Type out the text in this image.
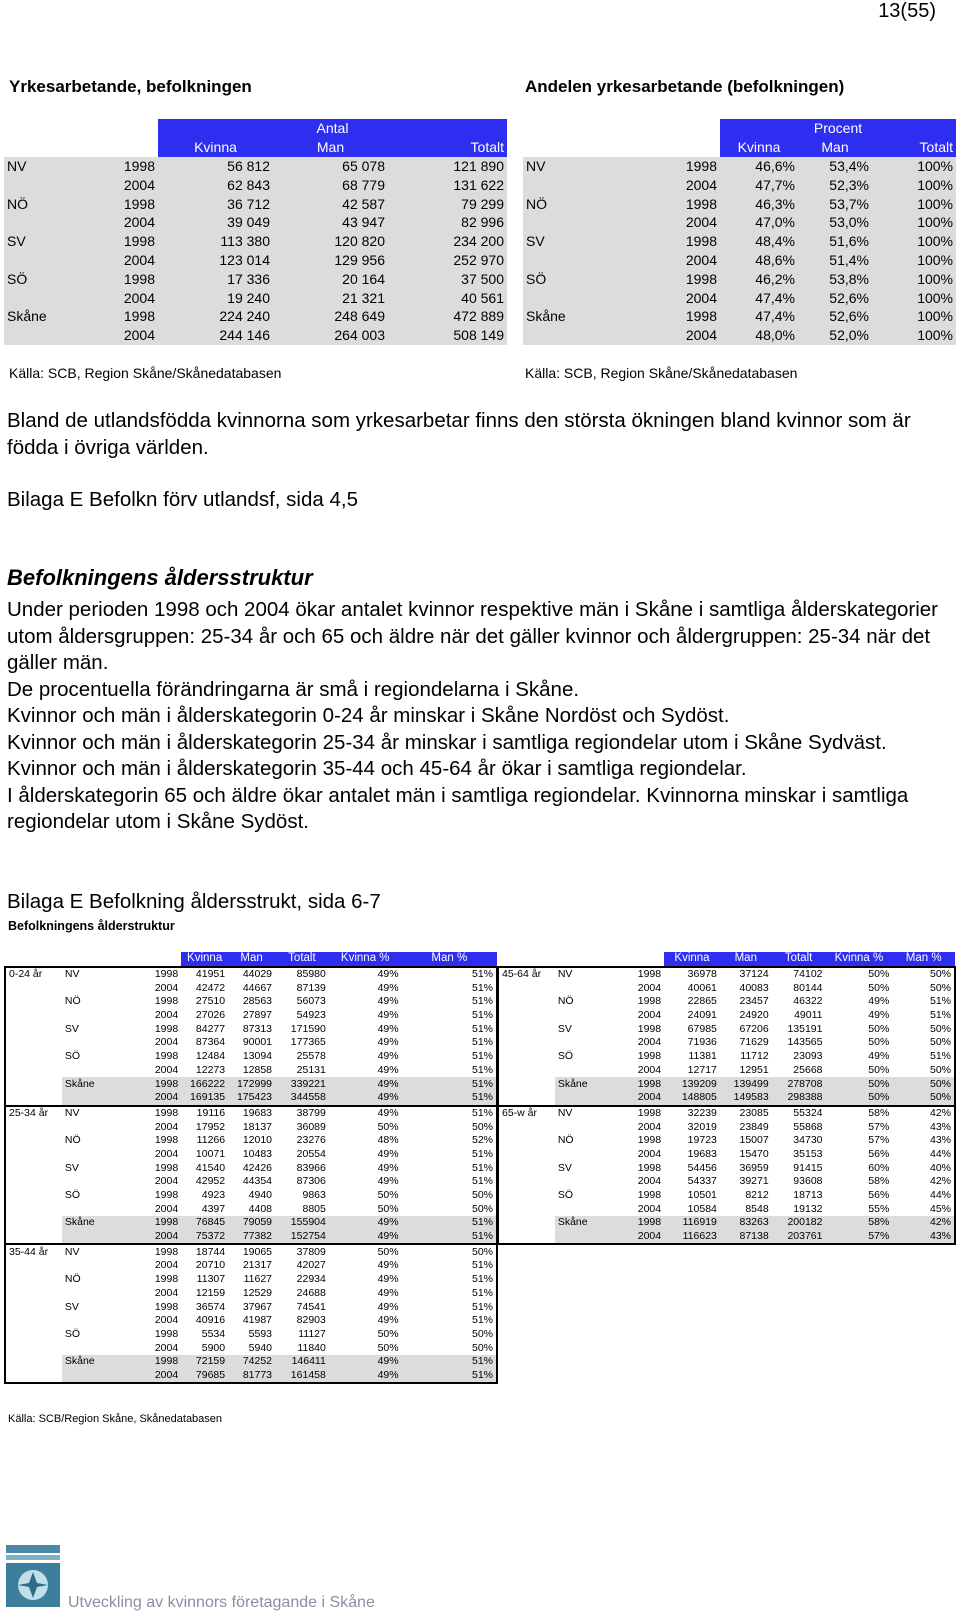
13(55)
Yrkesarbetande, befolkningen	Andelen yrkesarbetande (befolkningen)
		Antal		
		Kvinna	Man	Totalt
NV	1998	56 812	65 078	121 890
	2004	62 843	68 779	131 622
NÖ	1998	36 712	42 587	79 299
	2004	39 049	43 947	82 996
SV	1998	113 380	120 820	234 200
	2004	123 014	129 956	252 970
SÖ	1998	17 336	20 164	37 500
	2004	19 240	21 321	40 561
Skåne	1998	224 240	248 649	472 889
	2004	244 146	264 003	508 149
		Procent		
		Kvinna	Man	Totalt
NV	1998	46,6%	53,4%	100%
	2004	47,7%	52,3%	100%
NÖ	1998	46,3%	53,7%	100%
	2004	47,0%	53,0%	100%
SV	1998	48,4%	51,6%	100%
	2004	48,6%	51,4%	100%
SÖ	1998	46,2%	53,8%	100%
	2004	47,4%	52,6%	100%
Skåne	1998	47,4%	52,6%	100%
	2004	48,0%	52,0%	100%
Källa: SCB, Region Skåne/Skånedatabasen	Källa: SCB, Region Skåne/Skånedatabasen
Bland de utlandsfödda kvinnorna som yrkesarbetar finns den största ökningen bland kvinnor som är födda i övriga världen.
Bilaga E Befolkn förv utlandsf, sida 4,5
Befolkningens åldersstruktur
Under perioden 1998 och 2004 ökar antalet kvinnor respektive män i Skåne i samtliga ålderskategorier utom åldersgruppen: 25-34 år och 65 och äldre när det gäller kvinnor och åldergruppen: 25-34 när det gäller män.
De procentuella förändringarna är små i regiondelarna i Skåne.
Kvinnor och män i ålderskategorin 0-24 år minskar i Skåne Nordöst och Sydöst.
Kvinnor och män i ålderskategorin 25-34 år minskar i samtliga regiondelar utom i Skåne Sydväst.
Kvinnor och män i ålderskategorin 35-44 och 45-64 år ökar i samtliga regiondelar.
I ålderskategorin 65 och äldre ökar antalet män i samtliga regiondelar. Kvinnorna minskar i samtliga regiondelar utom i Skåne Sydöst.
Bilaga E Befolkning åldersstrukt, sida 6-7
Befolkningens ålderstruktur
			Kvinna	Man	Totalt	Kvinna %	Man %
0-24 år	NV	1998	41951	44029	85980	49%	51%
		2004	42472	44667	87139	49%	51%
	NÖ	1998	27510	28563	56073	49%	51%
		2004	27026	27897	54923	49%	51%
	SV	1998	84277	87313	171590	49%	51%
		2004	87364	90001	177365	49%	51%
	SÖ	1998	12484	13094	25578	49%	51%
		2004	12273	12858	25131	49%	51%
	Skåne	1998	166222	172999	339221	49%	51%
		2004	169135	175423	344558	49%	51%
25-34 år	NV	1998	19116	19683	38799	49%	51%
		2004	17952	18137	36089	50%	50%
	NÖ	1998	11266	12010	23276	48%	52%
		2004	10071	10483	20554	49%	51%
	SV	1998	41540	42426	83966	49%	51%
		2004	42952	44354	87306	49%	51%
	SÖ	1998	4923	4940	9863	50%	50%
		2004	4397	4408	8805	50%	50%
	Skåne	1998	76845	79059	155904	49%	51%
		2004	75372	77382	152754	49%	51%
35-44 år	NV	1998	18744	19065	37809	50%	50%
		2004	20710	21317	42027	49%	51%
	NÖ	1998	11307	11627	22934	49%	51%
		2004	12159	12529	24688	49%	51%
	SV	1998	36574	37967	74541	49%	51%
		2004	40916	41987	82903	49%	51%
	SÖ	1998	5534	5593	11127	50%	50%
		2004	5900	5940	11840	50%	50%
	Skåne	1998	72159	74252	146411	49%	51%
		2004	79685	81773	161458	49%	51%
			Kvinna	Man	Totalt	Kvinna %	Man %
45-64 år	NV	1998	36978	37124	74102	50%	50%
		2004	40061	40083	80144	50%	50%
	NÖ	1998	22865	23457	46322	49%	51%
		2004	24091	24920	49011	49%	51%
	SV	1998	67985	67206	135191	50%	50%
		2004	71936	71629	143565	50%	50%
	SÖ	1998	11381	11712	23093	49%	51%
		2004	12717	12951	25668	50%	50%
	Skåne	1998	139209	139499	278708	50%	50%
		2004	148805	149583	298388	50%	50%
65-w år	NV	1998	32239	23085	55324	58%	42%
		2004	32019	23849	55868	57%	43%
	NÖ	1998	19723	15007	34730	57%	43%
		2004	19683	15470	35153	56%	44%
	SV	1998	54456	36959	91415	60%	40%
		2004	54337	39271	93608	58%	42%
	SÖ	1998	10501	8212	18713	56%	44%
		2004	10584	8548	19132	55%	45%
	Skåne	1998	116919	83263	200182	58%	42%
		2004	116623	87138	203761	57%	43%
Källa: SCB/Region Skåne, Skånedatabasen
Utveckling av kvinnors företagande i Skåne
